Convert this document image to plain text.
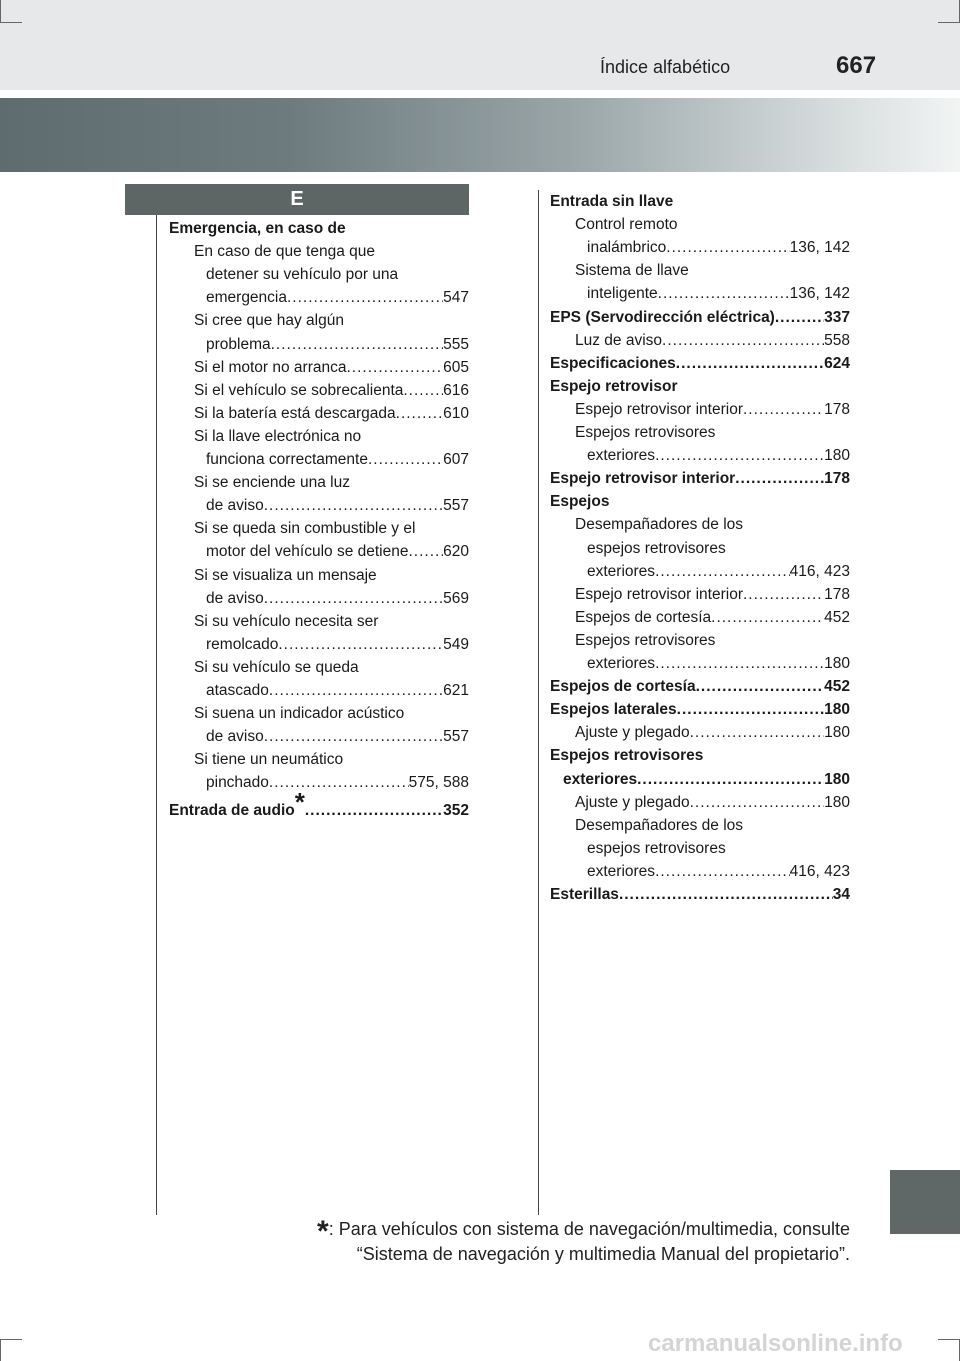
Índice alfabético	667
E
Emergencia, en caso de
En caso de que tenga que
detener su vehículo por una
emergencia .....	547
Si cree que hay algún
problema .....	555
Si el motor no arranca .....	605
Si el vehículo se sobrecalienta .....	616
Si la batería está descargada .....	610
Si la llave electrónica no
funciona correctamente .....	607
Si se enciende una luz
de aviso .....	557
Si se queda sin combustible y el
motor del vehículo se detiene ..... 620
Si se visualiza un mensaje
de aviso .....	569
Si su vehículo necesita ser
remolcado .....	549
Si su vehículo se queda
atascado .....	621
Si suena un indicador acústico
de aviso .....	557
Si tiene un neumático
pinchado .....	575, 588
Entrada de audio * .....	352
Entrada sin llave
Control remoto
inalámbrico .....	136, 142
Sistema de llave
inteligente .....	136, 142
EPS (Servodirección eléctrica) .....	337
Luz de aviso .....	558
Especificaciones .....	624
Espejo retrovisor
Espejo retrovisor interior .....	178
Espejos retrovisores
exteriores .....	180
Espejo retrovisor interior .....	178
Espejos
Desempañadores de los
espejos retrovisores
exteriores .....	416, 423
Espejo retrovisor interior .....	178
Espejos de cortesía .....	452
Espejos retrovisores
exteriores .....	180
Espejos de cortesía .....	452
Espejos laterales .....	180
Ajuste y plegado .....	180
Espejos retrovisores
exteriores .....	180
Ajuste y plegado .....	180
Desempañadores de los
espejos retrovisores
exteriores .....	416, 423
Esterillas .....	34
*: Para vehículos con sistema de navegación/multimedia, consulte
“Sistema de navegación y multimedia Manual del propietario”.
carmanualsonline.info
